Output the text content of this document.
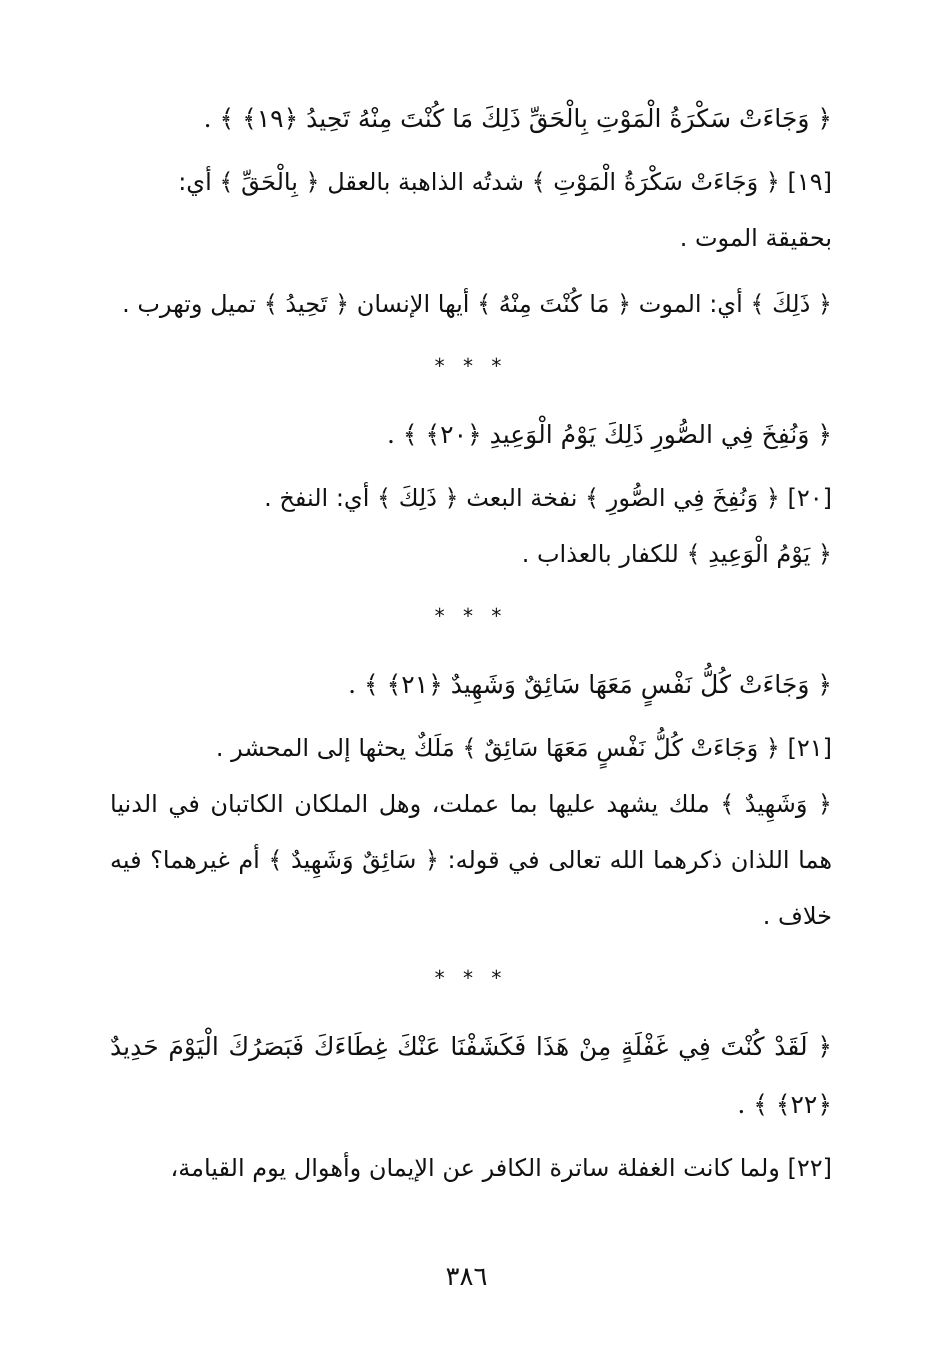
﴿ وَجَاءَتْ سَكْرَةُ الْمَوْتِ بِالْحَقِّ ذَلِكَ مَا كُنْتَ مِنْهُ تَحِيدُ ﴿١٩﴾ ﴾ .

[١٩] ﴿ وَجَاءَتْ سَكْرَةُ الْمَوْتِ ﴾ شدتُه الذاهبة بالعقل ﴿ بِالْحَقِّ ﴾ أي: بحقيقة الموت .

﴿ ذَلِكَ ﴾ أي: الموت ﴿ مَا كُنْتَ مِنْهُ ﴾ أيها الإنسان ﴿ تَحِيدُ ﴾ تميل وتهرب .

* * *

﴿ وَنُفِخَ فِي الصُّورِ ذَلِكَ يَوْمُ الْوَعِيدِ ﴿٢٠﴾ ﴾ .

[٢٠] ﴿ وَنُفِخَ فِي الصُّورِ ﴾ نفخة البعث ﴿ ذَلِكَ ﴾ أي: النفخ .

﴿ يَوْمُ الْوَعِيدِ ﴾ للكفار بالعذاب .

* * *

﴿ وَجَاءَتْ كُلُّ نَفْسٍ مَعَهَا سَائِقٌ وَشَهِيدٌ ﴿٢١﴾ ﴾ .

[٢١] ﴿ وَجَاءَتْ كُلُّ نَفْسٍ مَعَهَا سَائِقٌ ﴾ مَلَكٌ يحثها إلى المحشر .

﴿ وَشَهِيدٌ ﴾ ملك يشهد عليها بما عملت، وهل الملكان الكاتبان في الدنيا هما اللذان ذكرهما الله تعالى في قوله: ﴿ سَائِقٌ وَشَهِيدٌ ﴾ أم غيرهما؟ فيه خلاف .

* * *

﴿ لَقَدْ كُنْتَ فِي غَفْلَةٍ مِنْ هَذَا فَكَشَفْنَا عَنْكَ غِطَاءَكَ فَبَصَرُكَ الْيَوْمَ حَدِيدٌ ﴿٢٢﴾ ﴾ .

[٢٢] ولما كانت الغفلة ساترة الكافر عن الإيمان وأهوال يوم القيامة،

٣٨٦
